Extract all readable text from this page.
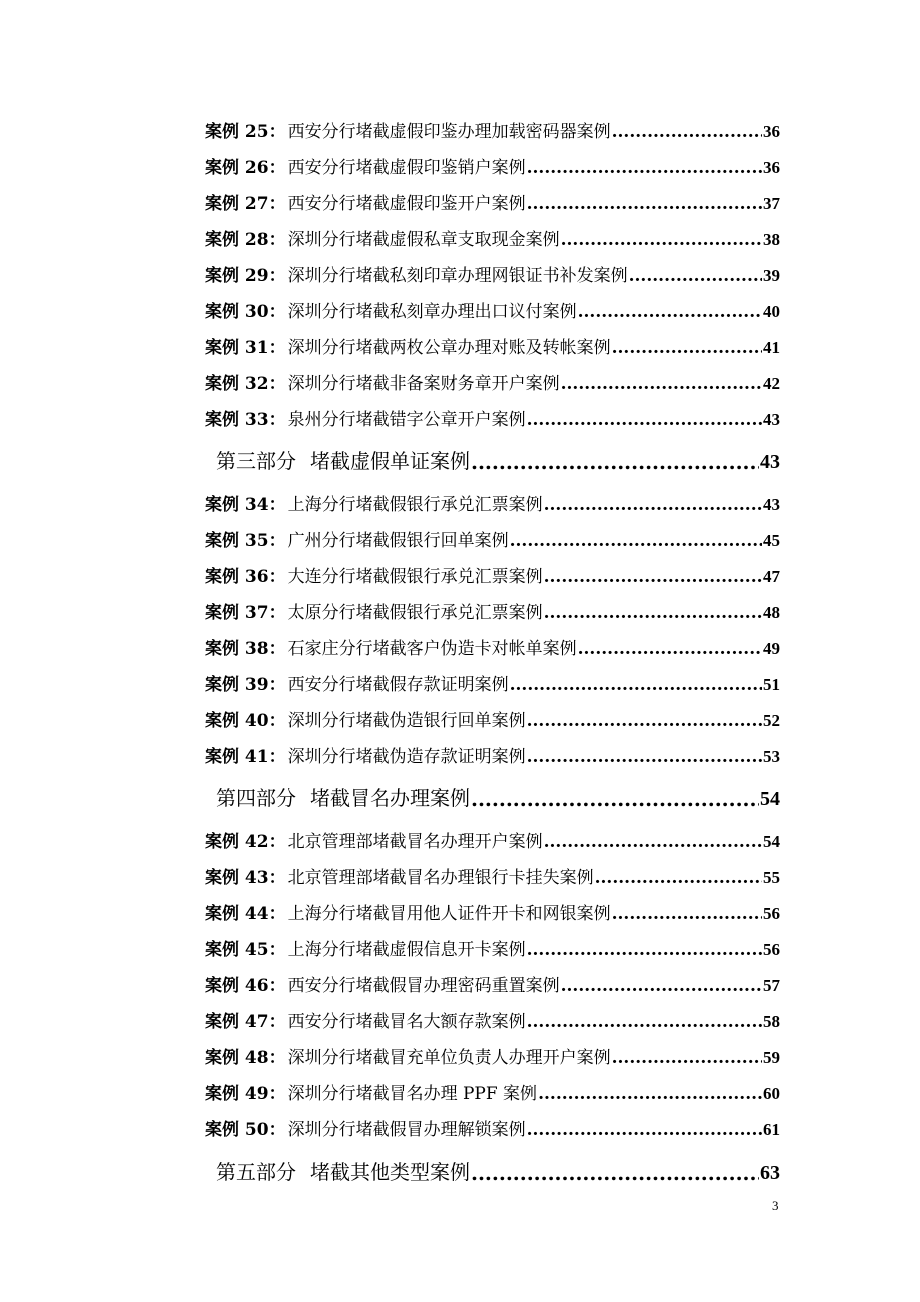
案例 25： 西安分行堵截虚假印鉴办理加载密码器案例 .....	36
案例 26： 西安分行堵截虚假印鉴销户案例 .....	36
案例 27： 西安分行堵截虚假印鉴开户案例 .....	37
案例 28： 深圳分行堵截虚假私章支取现金案例 .....	38
案例 29： 深圳分行堵截私刻印章办理网银证书补发案例 .....	39
案例 30： 深圳分行堵截私刻章办理出口议付案例 .....	40
案例 31： 深圳分行堵截两枚公章办理对账及转帐案例 .....	41
案例 32： 深圳分行堵截非备案财务章开户案例 .....	42
案例 33： 泉州分行堵截错字公章开户案例 .....	43
第三部分 堵截虚假单证案例 .....	43
案例 34： 上海分行堵截假银行承兑汇票案例 .....	43
案例 35： 广州分行堵截假银行回单案例 .....	45
案例 36： 大连分行堵截假银行承兑汇票案例 .....	47
案例 37： 太原分行堵截假银行承兑汇票案例 .....	48
案例 38： 石家庄分行堵截客户伪造卡对帐单案例 .....	49
案例 39： 西安分行堵截假存款证明案例 .....	51
案例 40： 深圳分行堵截伪造银行回单案例 .....	52
案例 41： 深圳分行堵截伪造存款证明案例 .....	53
第四部分 堵截冒名办理案例 .....	54
案例 42： 北京管理部堵截冒名办理开户案例 .....	54
案例 43： 北京管理部堵截冒名办理银行卡挂失案例 .....	55
案例 44： 上海分行堵截冒用他人证件开卡和网银案例 .....	56
案例 45： 上海分行堵截虚假信息开卡案例 .....	56
案例 46： 西安分行堵截假冒办理密码重置案例 .....	57
案例 47： 西安分行堵截冒名大额存款案例 .....	58
案例 48： 深圳分行堵截冒充单位负责人办理开户案例 .....	59
案例 49： 深圳分行堵截冒名办理 PPF 案例 .....	60
案例 50： 深圳分行堵截假冒办理解锁案例 .....	61
第五部分 堵截其他类型案例 .....	63
3
